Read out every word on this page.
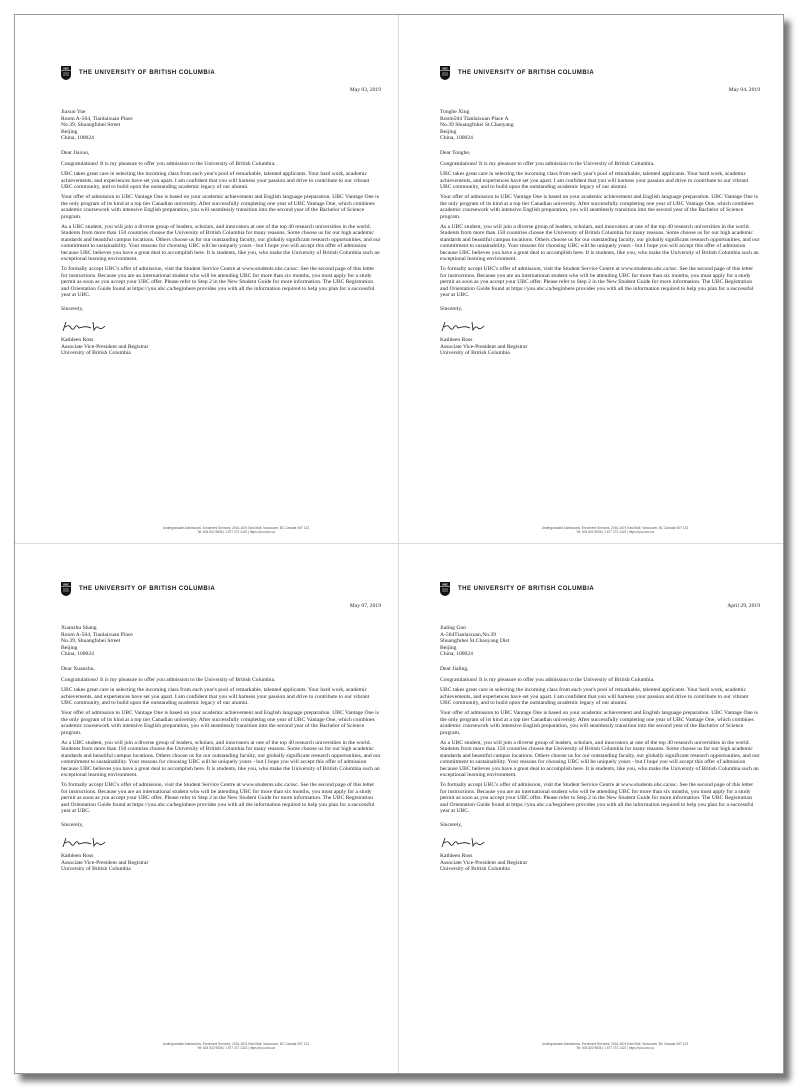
UBC
THE UNIVERSITY OF BRITISH COLUMBIA
May 03, 2019
Jiaxuo Yue
Room A-504, Tianlaixuan Place
No.39, Shuangfuhei Street
Beijing
China, 100024
Dear Jiaxuo,
Congratulations! It is my pleasure to offer you admission to the University of British Columbia.
UBC takes great care in selecting the incoming class from each year's pool of remarkable, talented applicants. Your hard work, academic achievements, and experiences have set you apart. I am confident that you will harness your passion and drive to contribute to our vibrant UBC community, and to build upon the outstanding academic legacy of our alumni.
Your offer of admission to UBC Vantage One is based on your academic achievement and English language preparation. UBC Vantage One is the only program of its kind at a top tier Canadian university. After successfully completing one year of UBC Vantage One, which combines academic coursework with intensive English preparation, you will seamlessly transition into the second year of the Bachelor of Science program.
As a UBC student, you will join a diverse group of leaders, scholars, and innovators at one of the top 40 research universities in the world. Students from more than 150 countries choose the University of British Columbia for many reasons. Some choose us for our high academic standards and beautiful campus locations. Others choose us for our outstanding faculty, our globally significant research opportunities, and our commitment to sustainability. Your reasons for choosing UBC will be uniquely yours - but I hope you will accept this offer of admission because UBC believes you have a great deal to accomplish here. It is students, like you, who make the University of British Columbia such an exceptional learning environment.
To formally accept UBC's offer of admission, visit the Student Service Centre at www.students.ubc.ca/ssc. See the second page of this letter for instructions. Because you are an international student who will be attending UBC for more than six months, you must apply for a study permit as soon as you accept your UBC offer. Please refer to Step 2 in the New Student Guide for more information. The UBC Registration and Orientation Guide found at https://you.ubc.ca/beginhere provides you with all the information required to help you plan for a successful year at UBC.
Sincerely,
Kathleen Ross
Associate Vice-President and Registrar
University of British Columbia
Undergraduate Admissions, Enrolment Services, 2016-1874 East Mall, Vancouver, BC Canada V6T 1Z1
Tel: 604 822 9836 | 1 877 272 1422 | https://you.ubc.ca
UBC
THE UNIVERSITY OF BRITISH COLUMBIA
May 04, 2019
Tonghe Xing
Room504 Tianlaixuan Place A
No.39 Shuangfuhei St.Chaoyang
Beijing
China, 100024
Dear Tonghe,
Congratulations! It is my pleasure to offer you admission to the University of British Columbia.
UBC takes great care in selecting the incoming class from each year's pool of remarkable, talented applicants. Your hard work, academic achievements, and experiences have set you apart. I am confident that you will harness your passion and drive to contribute to our vibrant UBC community, and to build upon the outstanding academic legacy of our alumni.
Your offer of admission to UBC Vantage One is based on your academic achievement and English language preparation. UBC Vantage One is the only program of its kind at a top tier Canadian university. After successfully completing one year of UBC Vantage One, which combines academic coursework with intensive English preparation, you will seamlessly transition into the second year of the Bachelor of Science program.
As a UBC student, you will join a diverse group of leaders, scholars, and innovators at one of the top 40 research universities in the world. Students from more than 150 countries choose the University of British Columbia for many reasons. Some choose us for our high academic standards and beautiful campus locations. Others choose us for our outstanding faculty, our globally significant research opportunities, and our commitment to sustainability. Your reasons for choosing UBC will be uniquely yours - but I hope you will accept this offer of admission because UBC believes you have a great deal to accomplish here. It is students, like you, who make the University of British Columbia such an exceptional learning environment.
To formally accept UBC's offer of admission, visit the Student Service Centre at www.students.ubc.ca/ssc. See the second page of this letter for instructions. Because you are an international student who will be attending UBC for more than six months, you must apply for a study permit as soon as you accept your UBC offer. Please refer to Step 2 in the New Student Guide for more information. The UBC Registration and Orientation Guide found at https://you.ubc.ca/beginhere provides you with all the information required to help you plan for a successful year at UBC.
Sincerely,
Kathleen Ross
Associate Vice-President and Registrar
University of British Columbia
Undergraduate Admissions, Enrolment Services, 2016-1874 East Mall, Vancouver, BC Canada V6T 1Z1
Tel: 604 822 9836 | 1 877 272 1422 | https://you.ubc.ca
UBC
THE UNIVERSITY OF BRITISH COLUMBIA
May 07, 2019
Xuanzhu Shang
Room A-504, Tianlaixuan Place
No.39, Shuangfuhei Street
Beijing
China, 100024
Dear Xuanzhu,
Congratulations! It is my pleasure to offer you admission to the University of British Columbia.
UBC takes great care in selecting the incoming class from each year's pool of remarkable, talented applicants. Your hard work, academic achievements, and experiences have set you apart. I am confident that you will harness your passion and drive to contribute to our vibrant UBC community, and to build upon the outstanding academic legacy of our alumni.
Your offer of admission to UBC Vantage One is based on your academic achievement and English language preparation. UBC Vantage One is the only program of its kind at a top tier Canadian university. After successfully completing one year of UBC Vantage One, which combines academic coursework with intensive English preparation, you will seamlessly transition into the second year of the Bachelor of Science program.
As a UBC student, you will join a diverse group of leaders, scholars, and innovators at one of the top 40 research universities in the world. Students from more than 150 countries choose the University of British Columbia for many reasons. Some choose us for our high academic standards and beautiful campus locations. Others choose us for our outstanding faculty, our globally significant research opportunities, and our commitment to sustainability. Your reasons for choosing UBC will be uniquely yours - but I hope you will accept this offer of admission because UBC believes you have a great deal to accomplish here. It is students, like you, who make the University of British Columbia such an exceptional learning environment.
To formally accept UBC's offer of admission, visit the Student Service Centre at www.students.ubc.ca/ssc. See the second page of this letter for instructions. Because you are an international student who will be attending UBC for more than six months, you must apply for a study permit as soon as you accept your UBC offer. Please refer to Step 2 in the New Student Guide for more information. The UBC Registration and Orientation Guide found at https://you.ubc.ca/beginhere provides you with all the information required to help you plan for a successful year at UBC.
Sincerely,
Kathleen Ross
Associate Vice-President and Registrar
University of British Columbia
Undergraduate Admissions, Enrolment Services, 2016-1874 East Mall, Vancouver, BC Canada V6T 1Z1
Tel: 604 822 9836 | 1 877 272 1422 | https://you.ubc.ca
UBC
THE UNIVERSITY OF BRITISH COLUMBIA
April 29, 2019
Jialing Guo
A-504Tianlaixuan,No.39
Shuangfuhei St.Chaoyang Dist
Beijing
China, 100024
Dear Jialing,
Congratulations! It is my pleasure to offer you admission to the University of British Columbia.
UBC takes great care in selecting the incoming class from each year's pool of remarkable, talented applicants. Your hard work, academic achievements, and experiences have set you apart. I am confident that you will harness your passion and drive to contribute to our vibrant UBC community, and to build upon the outstanding academic legacy of our alumni.
Your offer of admission to UBC Vantage One is based on your academic achievement and English language preparation. UBC Vantage One is the only program of its kind at a top tier Canadian university. After successfully completing one year of UBC Vantage One, which combines academic coursework with intensive English preparation, you will seamlessly transition into the second year of the Bachelor of Science program.
As a UBC student, you will join a diverse group of leaders, scholars, and innovators at one of the top 40 research universities in the world. Students from more than 150 countries choose the University of British Columbia for many reasons. Some choose us for our high academic standards and beautiful campus locations. Others choose us for our outstanding faculty, our globally significant research opportunities, and our commitment to sustainability. Your reasons for choosing UBC will be uniquely yours - but I hope you will accept this offer of admission because UBC believes you have a great deal to accomplish here. It is students, like you, who make the University of British Columbia such an exceptional learning environment.
To formally accept UBC's offer of admission, visit the Student Service Centre at www.students.ubc.ca/ssc. See the second page of this letter for instructions. Because you are an international student who will be attending UBC for more than six months, you must apply for a study permit as soon as you accept your UBC offer. Please refer to Step 2 in the New Student Guide for more information. The UBC Registration and Orientation Guide found at https://you.ubc.ca/beginhere provides you with all the information required to help you plan for a successful year at UBC.
Sincerely,
Kathleen Ross
Associate Vice-President and Registrar
University of British Columbia
Undergraduate Admissions, Enrolment Services, 2016-1874 East Mall, Vancouver, BC Canada V6T 1Z1
Tel: 604 822 9836 | 1 877 272 1422 | https://you.ubc.ca
